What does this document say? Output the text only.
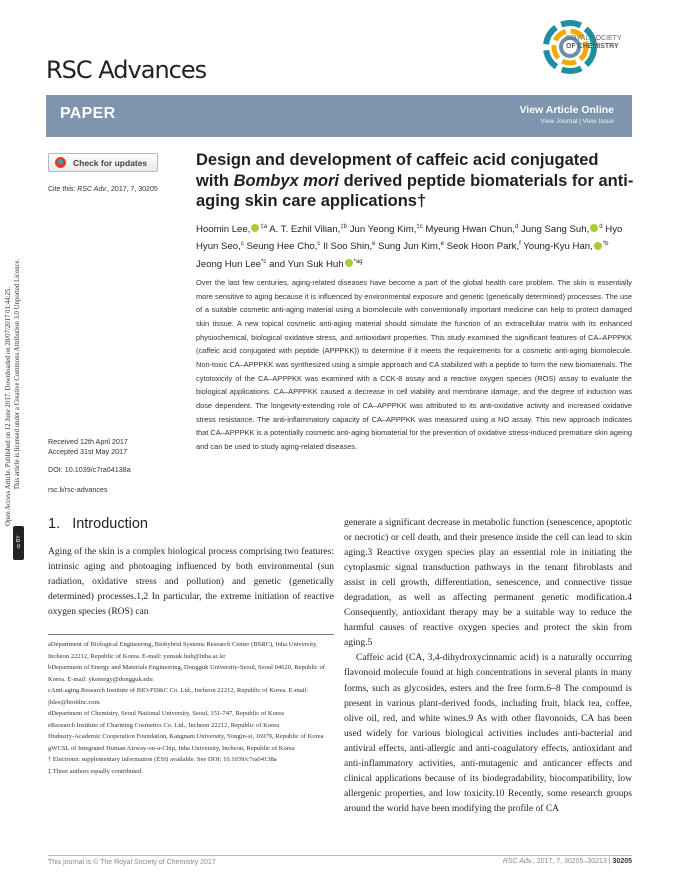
RSC Advances
ROYAL SOCIETY
OF CHEMISTRY
PAPER	View Article Online
View Journal | View Issue
Check for updates
Cite this: RSC Adv., 2017, 7, 30205
Open Access Article. Published on 12 June 2017. Downloaded on 28/07/2017 01:44:25. This article is licensed under a Creative Commons Attribution 3.0 Unported Licence.
cc BY
Received 12th April 2017
Accepted 31st May 2017
DOI: 10.1039/c7ra04138a
rsc.li/rsc-advances
Design and development of caffeic acid conjugated with Bombyx mori derived peptide biomaterials for anti-aging skin care applications†
Hoomin Lee, $^{\ddagger a}$ A. T. Ezhil Vilian,$^{\ddagger b}$ Jun Yeong Kim,$^{\ddagger c}$ Myeung Hwan Chun,$^d$ Jung Sang Suh, $^d$ Hyo Hyun Seo,$^c$ Seung Hee Cho,$^c$ Il Soo Shin,$^e$ Sung Jun Kim,$^e$ Seok Hoon Park,$^f$ Young-Kyu Han, $^{*b}$ Jeong Hun Lee$^{*c}$ and Yun Suk Huh $^{*ag}$
Over the last few centuries, aging-related diseases have become a part of the global health care problem. The skin is essentially more sensitive to aging because it is influenced by environmental exposure and genetic (genetically determined) processes. The use of a suitable cosmetic anti-aging material using a biomolecule with conventionally important medicine can help to protect damaged skin tissue. A new topical cosmetic anti-aging material should simulate the function of an extracellular matrix with its enhanced physiochemical, biological oxidative stress, and antioxidant properties. This study examined the significant features of CA–APPPKK (caffeic acid conjugated with peptide (APPPKK)) to determine if it meets the requirements for a cosmetic anti-aging biomolecule. Non-toxic CA–APPPKK was synthesized using a simple approach and CA stabilized with a peptide to form the new biomaterials. The cytotoxicity of the CA–APPPKK was examined with a CCK-8 assay and a reactive oxygen species (ROS) assay to evaluate the biological applications. CA–APPPKK caused a decrease in cell viability and membrane damage, and the degree of induction was dose dependent. The longevity-extending role of CA–APPPKK was attributed to its anti-oxidative activity and increased oxidative stress resistance. The anti-inflammatory capacity of CA–APPPKK was measured using a NO assay. This new approach indicates that CA–APPPKK is a potentially cosmetic anti-aging biomaterial for the prevention of oxidative stress-induced premature skin ageing and can be used to study aging-related diseases.
1. Introduction

Aging of the skin is a complex biological process comprising two features: intrinsic aging and photoaging influenced by both environmental (sun radiation, oxidative stress and pollution) and genetic (genetically determined) processes.1,2 In particular, the extreme initiation of reactive oxygen species (ROS) can

generate a significant decrease in metabolic function (senescence, apoptotic or necrotic) or cell death, and their presence inside the cell can lead to skin aging.3 Reactive oxygen species play an essential role in initiating the cytoplasmic signal transduction pathways in the tenant fibroblasts and assist in cell growth, differentiation, senescence, and connective tissue degradation, as well as affecting permanent genetic modification.4 Consequently, antioxidant therapy may be a suitable way to reduce the harmful causes of reactive oxygen species and protect the skin from aging.5

Caffeic acid (CA, 3,4-dihydroxycinnamic acid) is a naturally occurring flavonoid molecule found at high concentrations in several plants in many forms, such as glycosides, esters and the free form.6–8 The compound is present in various plant-derived foods, including fruit, black tea, coffee, olive oil, red, and white wines.9 As with other flavonoids, CA has been used widely for various biological activities includes anti-bacterial and antiviral effects, anti-allergic and anti-coagulatory effects, antioxidant and anti-inflammatory activities, anti-mutagenic and anticancer effects and clinical applications because of its biodegradability, biocompatibility, low allergenic properties, and low toxicity.10 Recently, some research groups around the world have been modifying the profile of CA

aDepartment of Biological Engineering, Biohybrid Systems Research Center (BSRC), Inha University, Incheon 22212, Republic of Korea. E-mail: yunsuk.huh@inha.ac.kr

bDepartment of Energy and Materials Engineering, Dongguk University-Seoul, Seoul 04620, Republic of Korea. E-mail: ykenergy@dongguk.edu

cAnti-aging Research Institute of BIO-FD&C Co. Ltd., Incheon 22212, Republic of Korea. E-mail: jhlee@biofdnc.com

dDepartment of Chemistry, Seoul National University, Seoul, 151-747, Republic of Korea

eResearch Institute of Charming Cosmetics Co. Ltd., Incheon 22212, Republic of Korea

fIndustry-Academic Cooperation Foundation, Kangnam University, Yongin-si, 16979, Republic of Korea

gWCSL of Integrated Human Airway-on-a-Chip, Inha University, Incheon, Republic of Korea

† Electronic supplementary information (ESI) available. See DOI: 10.1039/c7ra04138a

‡ Three authors equally contributed.

This journal is © The Royal Society of Chemistry 2017	RSC Adv., 2017, 7, 30205–30213 | 30205
